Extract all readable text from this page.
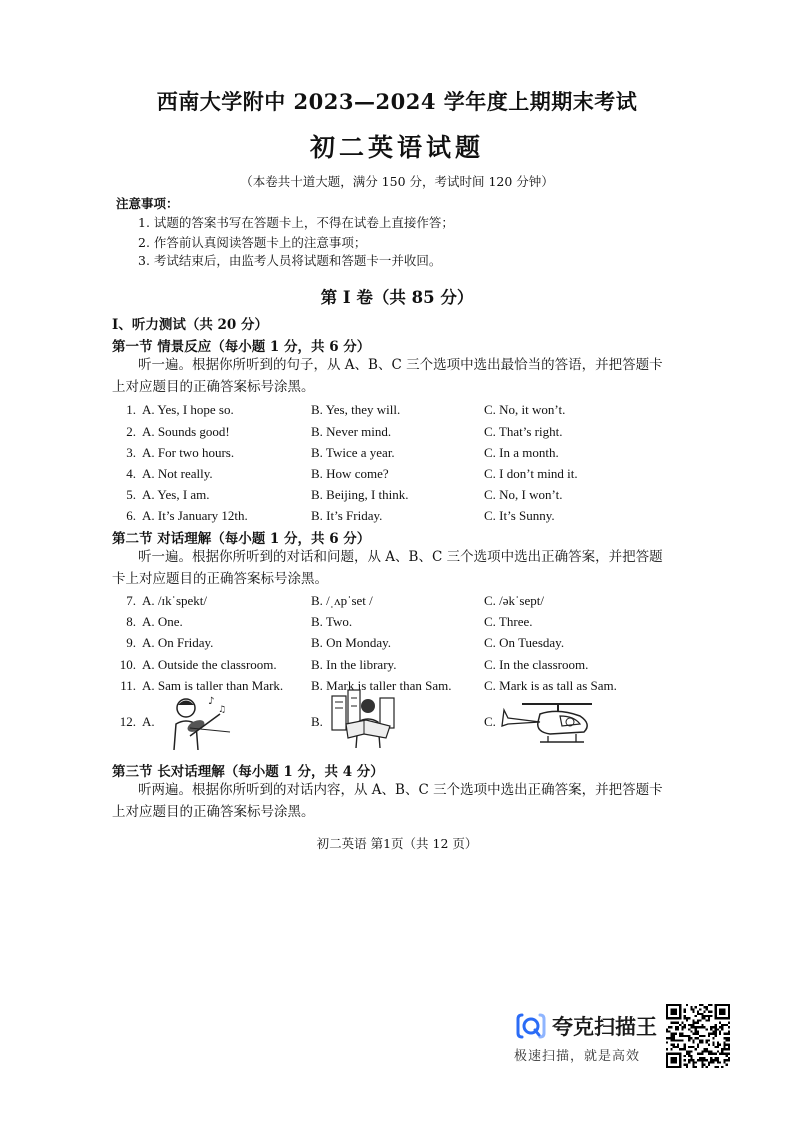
西南大学附中 2023—2024 学年度上期期末考试
初二英语试题
（本卷共十道大题，满分 150 分，考试时间 120 分钟）
注意事项：
1. 试题的答案书写在答题卡上，不得在试卷上直接作答；
2. 作答前认真阅读答题卡上的注意事项；
3. 考试结束后，由监考人员将试题和答题卡一并收回。
第 I 卷（共 85 分）
I、听力测试（共 20 分）
第一节 情景反应（每小题 1 分，共 6 分）
听一遍。根据你所听到的句子，从 A、B、C 三个选项中选出最恰当的答语，并把答题卡上对应题目的正确答案标号涂黑。
1. A. Yes, I hope so.	B. Yes, they will.	C. No, it won’t.
2. A. Sounds good!	B. Never mind.	C. That’s right.
3. A. For two hours.	B. Twice a year.	C. In a month.
4. A. Not really.	B. How come?	C. I don’t mind it.
5. A. Yes, I am.	B. Beijing, I think.	C. No, I won’t.
6. A. It’s January 12th.	B. It’s Friday.	C. It’s Sunny.
第二节 对话理解（每小题 1 分，共 6 分）
听一遍。根据你所听到的对话和问题，从 A、B、C 三个选项中选出正确答案，并把答题卡上对应题目的正确答案标号涂黑。
7. A. /ɪkˈspekt/	B. /ˌʌpˈset /	C. /əkˈsept/
8. A. One.	B. Two.	C. Three.
9. A. On Friday.	B. On Monday.	C. On Tuesday.
10. A. Outside the classroom.	B. In the library.	C. In the classroom.
11. A. Sam is taller than Mark. B. Mark is taller than Sam.	C. Mark is as tall as Sam.
12. A.	B.	C.
♪
♫
第三节 长对话理解（每小题 1 分，共 4 分）
听两遍。根据你所听到的对话内容，从 A、B、C 三个选项中选出正确答案，并把答题卡上对应题目的正确答案标号涂黑。
初二英语 第1页（共 12 页）
夸克扫描王
极速扫描，就是高效
